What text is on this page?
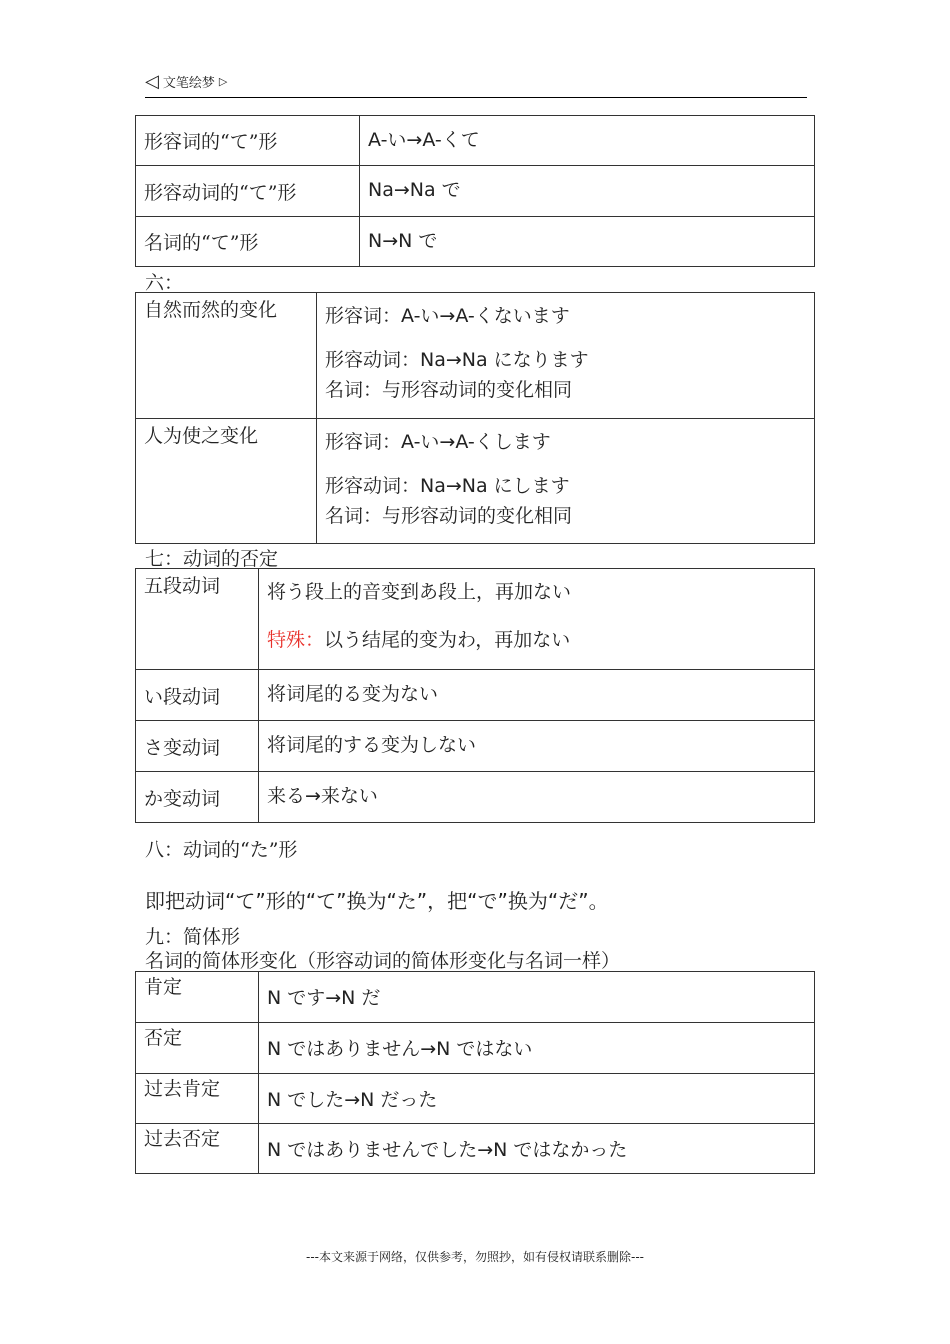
◁ 文笔绘梦 ▷
形容词的“て”形	A-い→A-くて
形容动词的“て”形	Na→Na で
名词的“て”形	N→N で
六：
自然而然的变化	形容词：A-い→A-くないます

形容动词：Na→Na になります

名词：与形容动词的变化相同

人为使之变化	形容词：A-い→A-くします

形容动词：Na→Na にします

名词：与形容动词的变化相同

七：动词的否定
五段动词	将う段上的音变到あ段上，再加ない

特殊：以う结尾的变为わ，再加ない

い段动词	将词尾的る变为ない
さ变动词	将词尾的する变为しない
か变动词	来る→来ない
八：动词的“た”形
即把动词“て”形的“て”换为“た”，把“で”换为“だ”。
九：简体形
名词的简体形变化（形容动词的简体形变化与名词一样）
肯定	N です→N だ
否定	N ではありません→N ではない
过去肯定	N でした→N だった
过去否定	N ではありませんでした→N ではなかった
---本文来源于网络，仅供参考，勿照抄，如有侵权请联系删除---
